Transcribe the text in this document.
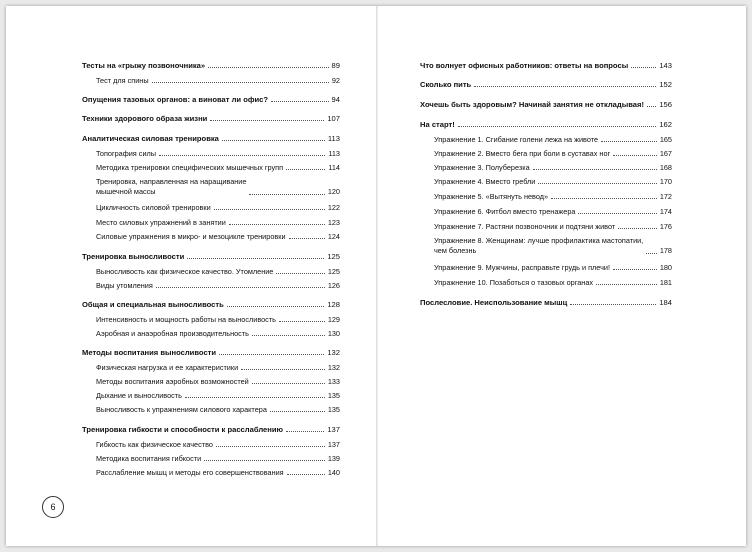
Тесты на «грыжу позвоночника»	89
Тест для спины	92
Опущения тазовых органов: а виноват ли офис?	94
Техники здорового образа жизни	107
Аналитическая силовая тренировка	113
Топография силы	113
Методика тренировки специфических мышечных групп	114
Тренировка, направленная на наращивание
мышечной массы	120
Цикличность силовой тренировки	122
Место силовых упражнений в занятии	123
Силовые упражнения в микро- и мезоцикле тренировки	124
Тренировка выносливости	125
Выносливость как физическое качество. Утомление	125
Виды утомления	126
Общая и специальная выносливость	128
Интенсивность и мощность работы на выносливость	129
Аэробная и анаэробная производительность	130
Методы воспитания выносливости	132
Физическая нагрузка и ее характеристики	132
Методы воспитания аэробных возможностей	133
Дыхание и выносливость	135
Выносливость к упражнениям силового характера	135
Тренировка гибкости и способности к расслаблению	137
Гибкость как физическое качество	137
Методика воспитания гибкости	139
Расслабление мышц и методы его совершенствования	140
Что волнует офисных работников: ответы на вопросы	143
Сколько пить	152
Хочешь быть здоровым? Начинай занятия не откладывая! 156
На старт!	162
Упражнение 1. Сгибание голени лежа на животе	165
Упражнение 2. Вместо бега при боли в суставах ног	167
Упражнение 3. Полуберезка	168
Упражнение 4. Вместо гребли	170
Упражнение 5. «Вытянуть невод»	172
Упражнение 6. Фитбол вместо тренажера	174
Упражнение 7. Растяни позвоночник и подтяни живот	176
Упражнение 8. Женщинам: лучше профилактика мастопатии,
чем болезнь	178
Упражнение 9. Мужчины, расправьте грудь и плечи!	180
Упражнение 10. Позаботься о тазовых органах	181
Послесловие. Неиспользование мышц	184
6
